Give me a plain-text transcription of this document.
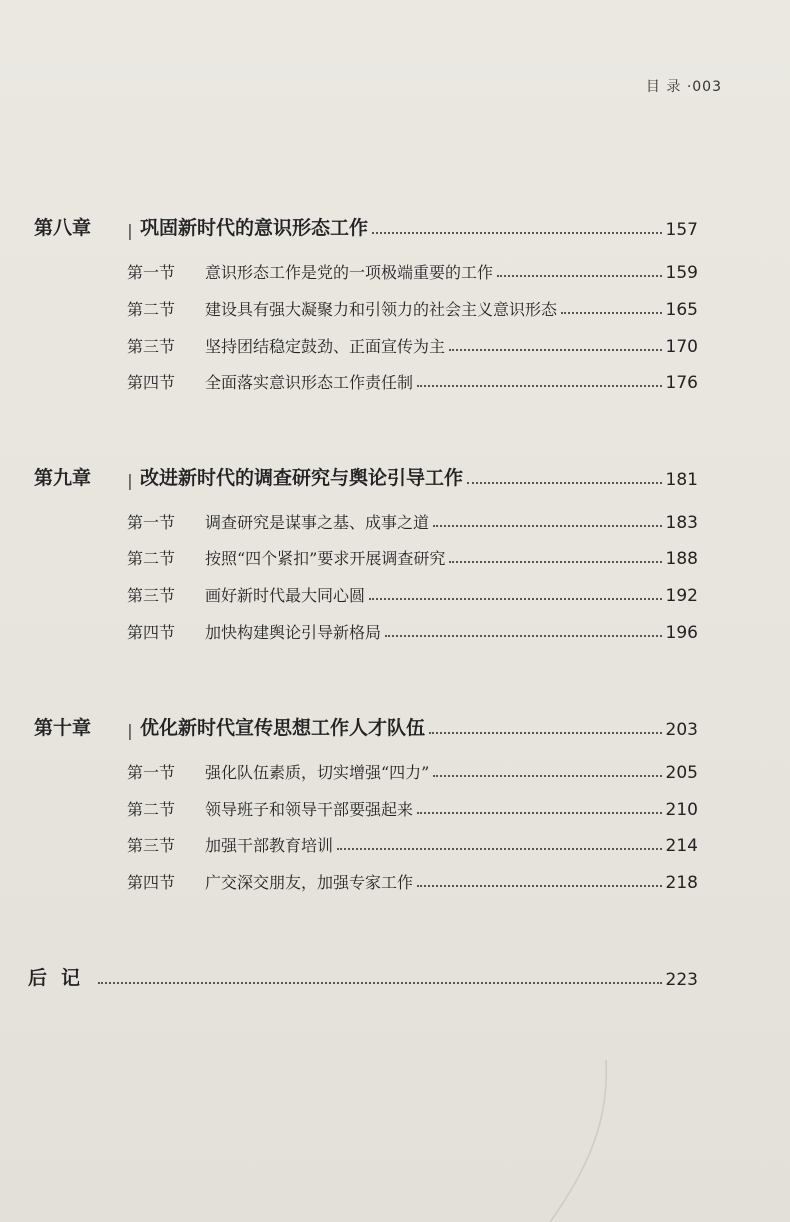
目 录 ·003
第八章	| 巩固新时代的意识形态工作	157
第一节	意识形态工作是党的一项极端重要的工作	159
第二节	建设具有强大凝聚力和引领力的社会主义意识形态	165
第三节	坚持团结稳定鼓劲、正面宣传为主	170
第四节	全面落实意识形态工作责任制	176
第九章	| 改进新时代的调查研究与舆论引导工作	181
第一节	调查研究是谋事之基、成事之道	183
第二节	按照“四个紧扣”要求开展调查研究	188
第三节	画好新时代最大同心圆	192
第四节	加快构建舆论引导新格局	196
第十章	| 优化新时代宣传思想工作人才队伍	203
第一节	强化队伍素质，切实增强“四力”	205
第二节	领导班子和领导干部要强起来	210
第三节	加强干部教育培训	214
第四节	广交深交朋友，加强专家工作	218
后记	223
